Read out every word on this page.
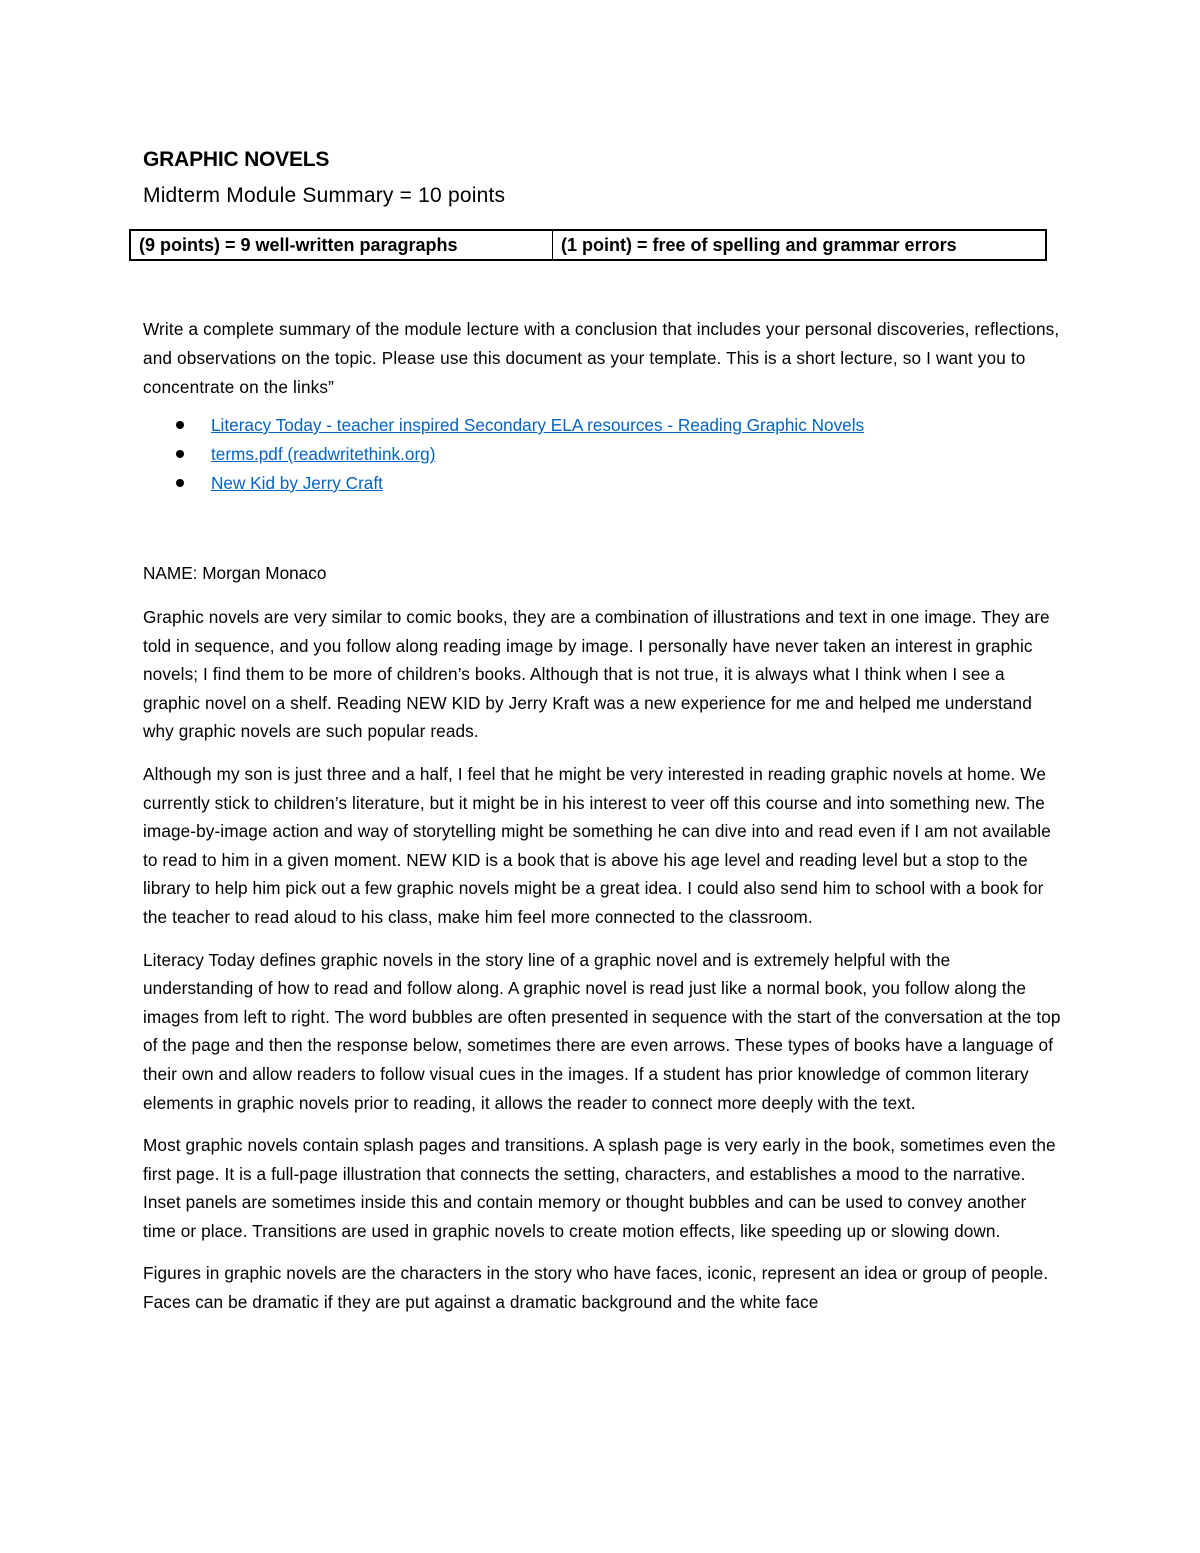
GRAPHIC NOVELS
Midterm Module Summary = 10 points
(9 points) = 9 well-written paragraphs	(1 point) = free of spelling and grammar errors

Write a complete summary of the module lecture with a conclusion that includes your personal discoveries, reflections, and observations on the topic. Please use this document as your template. This is a short lecture, so I want you to concentrate on the links”

Literacy Today - teacher inspired Secondary ELA resources - Reading Graphic Novels
terms.pdf (readwritethink.org)
New Kid by Jerry Craft

NAME: Morgan Monaco

Graphic novels are very similar to comic books, they are a combination of illustrations and text in one image. They are told in sequence, and you follow along reading image by image. I personally have never taken an interest in graphic novels; I find them to be more of children’s books. Although that is not true, it is always what I think when I see a graphic novel on a shelf. Reading NEW KID by Jerry Kraft was a new experience for me and helped me understand why graphic novels are such popular reads.

Although my son is just three and a half, I feel that he might be very interested in reading graphic novels at home. We currently stick to children’s literature, but it might be in his interest to veer off this course and into something new. The image-by-image action and way of storytelling might be something he can dive into and read even if I am not available to read to him in a given moment. NEW KID is a book that is above his age level and reading level but a stop to the library to help him pick out a few graphic novels might be a great idea. I could also send him to school with a book for the teacher to read aloud to his class, make him feel more connected to the classroom.

Literacy Today defines graphic novels in the story line of a graphic novel and is extremely helpful with the understanding of how to read and follow along. A graphic novel is read just like a normal book, you follow along the images from left to right. The word bubbles are often presented in sequence with the start of the conversation at the top of the page and then the response below, sometimes there are even arrows. These types of books have a language of their own and allow readers to follow visual cues in the images. If a student has prior knowledge of common literary elements in graphic novels prior to reading, it allows the reader to connect more deeply with the text.

Most graphic novels contain splash pages and transitions. A splash page is very early in the book, sometimes even the first page. It is a full-page illustration that connects the setting, characters, and establishes a mood to the narrative. Inset panels are sometimes inside this and contain memory or thought bubbles and can be used to convey another time or place. Transitions are used in graphic novels to create motion effects, like speeding up or slowing down.

Figures in graphic novels are the characters in the story who have faces, iconic, represent an idea or group of people. Faces can be dramatic if they are put against a dramatic background and the white face
